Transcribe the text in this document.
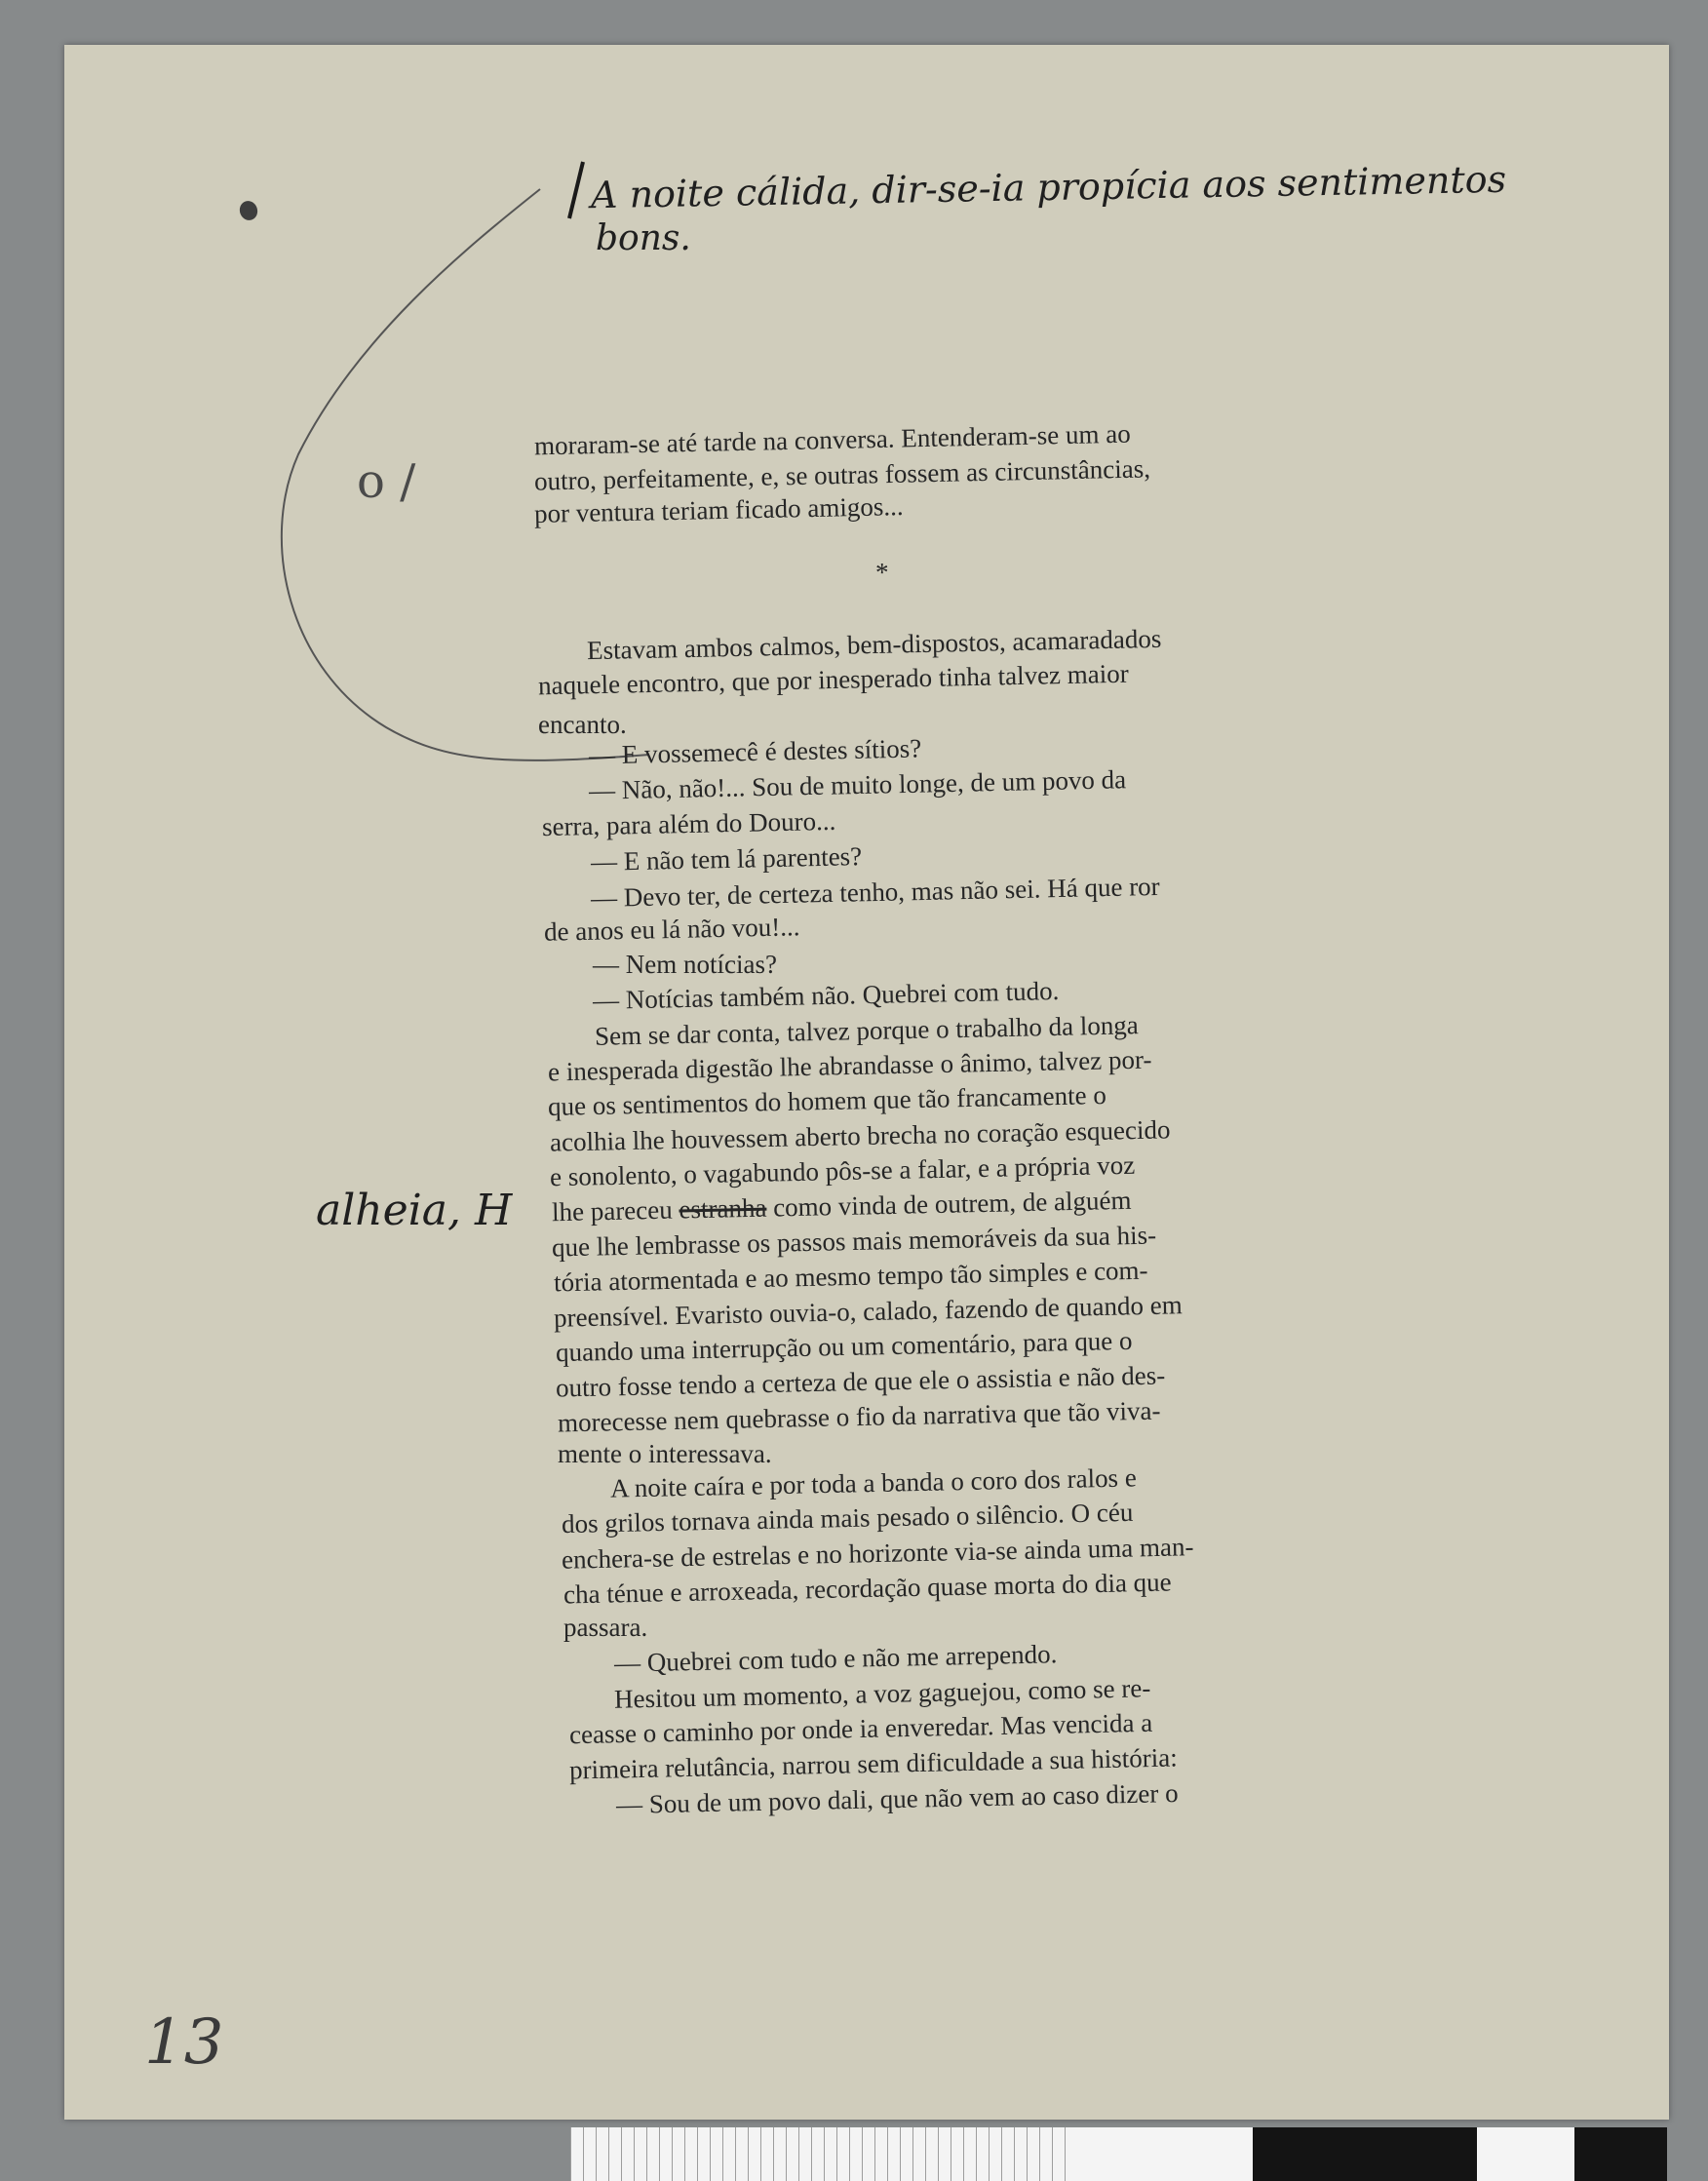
A noite cálida, dir-se-ia propícia aos sentimentos
bons.
o /
alheia, H
13
moraram-se até tarde na conversa. Entenderam-se um ao
outro, perfeitamente, e, se outras fossem as circunstâncias,
por ventura teriam ficado amigos...
*
Estavam ambos calmos, bem-dispostos, acamaradados
naquele encontro, que por inesperado tinha talvez maior
encanto.
— E vossemecê é destes sítios?
— Não, não!... Sou de muito longe, de um povo da
serra, para além do Douro...
— E não tem lá parentes?
— Devo ter, de certeza tenho, mas não sei. Há que ror
de anos eu lá não vou!...
— Nem notícias?
— Notícias também não. Quebrei com tudo.
Sem se dar conta, talvez porque o trabalho da longa
e inesperada digestão lhe abrandasse o ânimo, talvez por-
que os sentimentos do homem que tão francamente o
acolhia lhe houvessem aberto brecha no coração esquecido
e sonolento, o vagabundo pôs-se a falar, e a própria voz
lhe pareceu estranha como vinda de outrem, de alguém
que lhe lembrasse os passos mais memoráveis da sua his-
tória atormentada e ao mesmo tempo tão simples e com-
preensível. Evaristo ouvia-o, calado, fazendo de quando em
quando uma interrupção ou um comentário, para que o
outro fosse tendo a certeza de que ele o assistia e não des-
morecesse nem quebrasse o fio da narrativa que tão viva-
mente o interessava.
A noite caíra e por toda a banda o coro dos ralos e
dos grilos tornava ainda mais pesado o silêncio. O céu
enchera-se de estrelas e no horizonte via-se ainda uma man-
cha ténue e arroxeada, recordação quase morta do dia que
passara.
— Quebrei com tudo e não me arrependo.
Hesitou um momento, a voz gaguejou, como se re-
ceasse o caminho por onde ia enveredar. Mas vencida a
primeira relutância, narrou sem dificuldade a sua história:
— Sou de um povo dali, que não vem ao caso dizer o
